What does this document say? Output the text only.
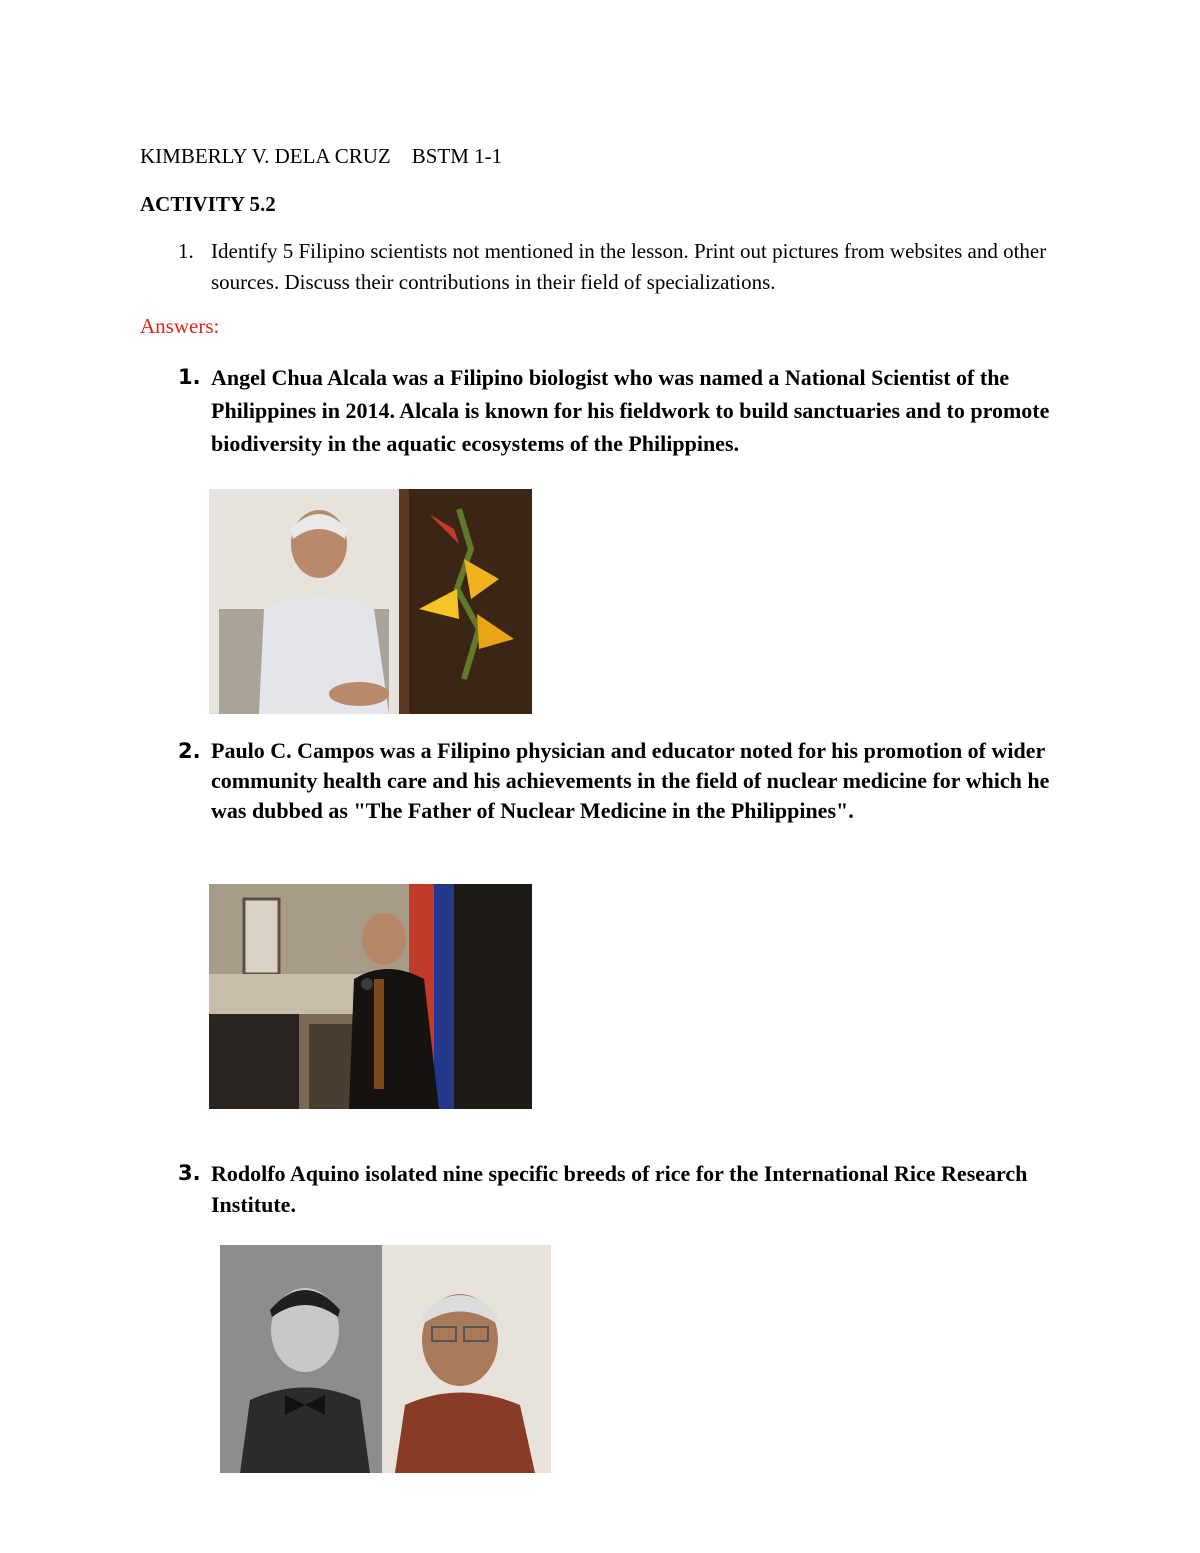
KIMBERLY V. DELA CRUZ BSTM 1-1
ACTIVITY 5.2
1. Identify 5 Filipino scientists not mentioned in the lesson. Print out pictures from websites and other sources. Discuss their contributions in their field of specializations.
Answers:
1. Angel Chua Alcala was a Filipino biologist who was named a National Scientist of the Philippines in 2014. Alcala is known for his fieldwork to build sanctuaries and to promote biodiversity in the aquatic ecosystems of the Philippines.
2. Paulo C. Campos was a Filipino physician and educator noted for his promotion of wider community health care and his achievements in the field of nuclear medicine for which he was dubbed as "The Father of Nuclear Medicine in the Philippines".
3. Rodolfo Aquino isolated nine specific breeds of rice for the International Rice Research Institute.
